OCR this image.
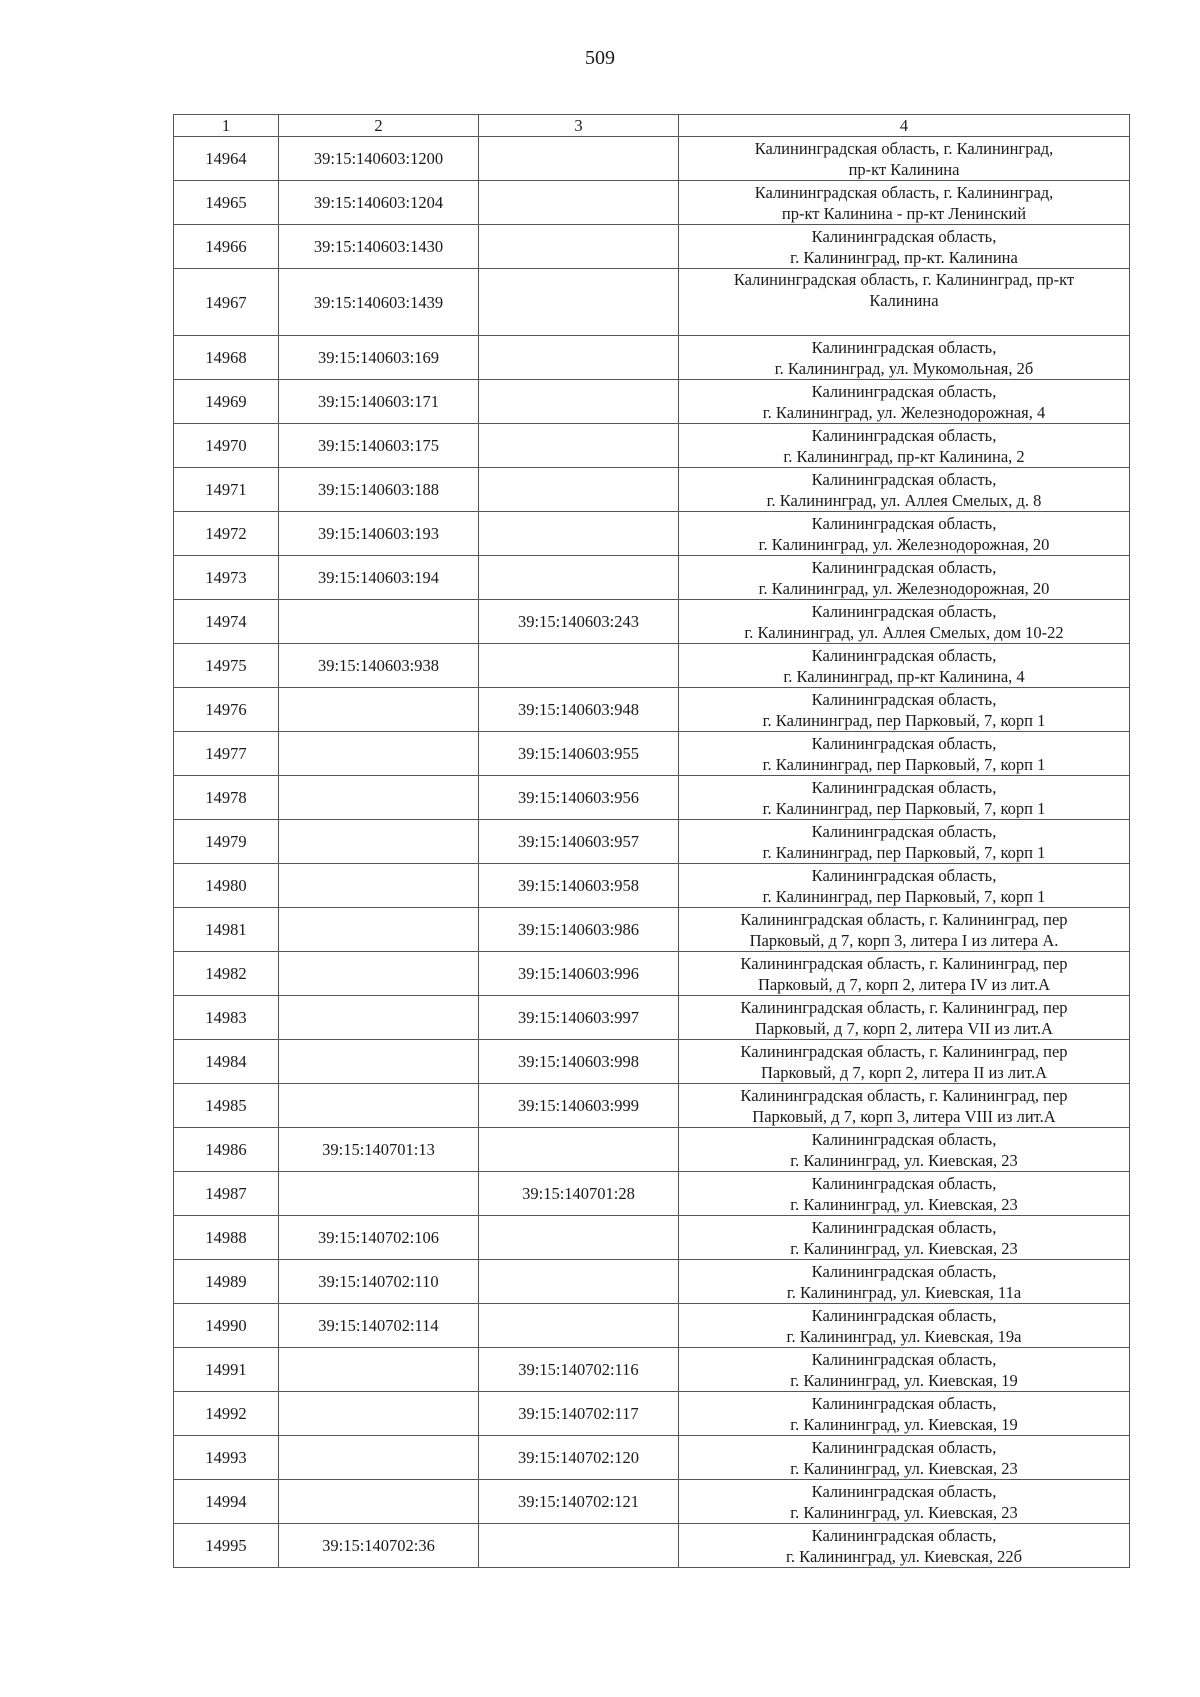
509
1	2	3	4
14964	39:15:140603:1200		Калининградская область, г. Калининград,
пр-кт Калинина
14965	39:15:140603:1204		Калининградская область, г. Калининград,
пр-кт Калинина - пр-кт Ленинский
14966	39:15:140603:1430		Калининградская область,
г. Калининград, пр-кт. Калинина
14967	39:15:140603:1439		Калининградская область, г. Калининград, пр-кт
Калинина
14968	39:15:140603:169		Калининградская область,
г. Калининград, ул. Мукомольная, 2б
14969	39:15:140603:171		Калининградская область,
г. Калининград, ул. Железнодорожная, 4
14970	39:15:140603:175		Калининградская область,
г. Калининград, пр-кт Калинина, 2
14971	39:15:140603:188		Калининградская область,
г. Калининград, ул. Аллея Смелых, д. 8
14972	39:15:140603:193		Калининградская область,
г. Калининград, ул. Железнодорожная, 20
14973	39:15:140603:194		Калининградская область,
г. Калининград, ул. Железнодорожная, 20
14974		39:15:140603:243	Калининградская область,
г. Калининград, ул. Аллея Смелых, дом 10-22
14975	39:15:140603:938		Калининградская область,
г. Калининград, пр-кт Калинина, 4
14976		39:15:140603:948	Калининградская область,
г. Калининград, пер Парковый, 7, корп 1
14977		39:15:140603:955	Калининградская область,
г. Калининград, пер Парковый, 7, корп 1
14978		39:15:140603:956	Калининградская область,
г. Калининград, пер Парковый, 7, корп 1
14979		39:15:140603:957	Калининградская область,
г. Калининград, пер Парковый, 7, корп 1
14980		39:15:140603:958	Калининградская область,
г. Калининград, пер Парковый, 7, корп 1
14981		39:15:140603:986	Калининградская область, г. Калининград, пер
Парковый, д 7, корп 3, литера I из литера А.
14982		39:15:140603:996	Калининградская область, г. Калининград, пер
Парковый, д 7, корп 2, литера IV из лит.А
14983		39:15:140603:997	Калининградская область, г. Калининград, пер
Парковый, д 7, корп 2, литера VII из лит.А
14984		39:15:140603:998	Калининградская область, г. Калининград, пер
Парковый, д 7, корп 2, литера II из лит.А
14985		39:15:140603:999	Калининградская область, г. Калининград, пер
Парковый, д 7, корп 3, литера VIII из лит.А
14986	39:15:140701:13		Калининградская область,
г. Калининград, ул. Киевская, 23
14987		39:15:140701:28	Калининградская область,
г. Калининград, ул. Киевская, 23
14988	39:15:140702:106		Калининградская область,
г. Калининград, ул. Киевская, 23
14989	39:15:140702:110		Калининградская область,
г. Калининград, ул. Киевская, 11а
14990	39:15:140702:114		Калининградская область,
г. Калининград, ул. Киевская, 19а
14991		39:15:140702:116	Калининградская область,
г. Калининград, ул. Киевская, 19
14992		39:15:140702:117	Калининградская область,
г. Калининград, ул. Киевская, 19
14993		39:15:140702:120	Калининградская область,
г. Калининград, ул. Киевская, 23
14994		39:15:140702:121	Калининградская область,
г. Калининград, ул. Киевская, 23
14995	39:15:140702:36		Калининградская область,
г. Калининград, ул. Киевская, 22б
